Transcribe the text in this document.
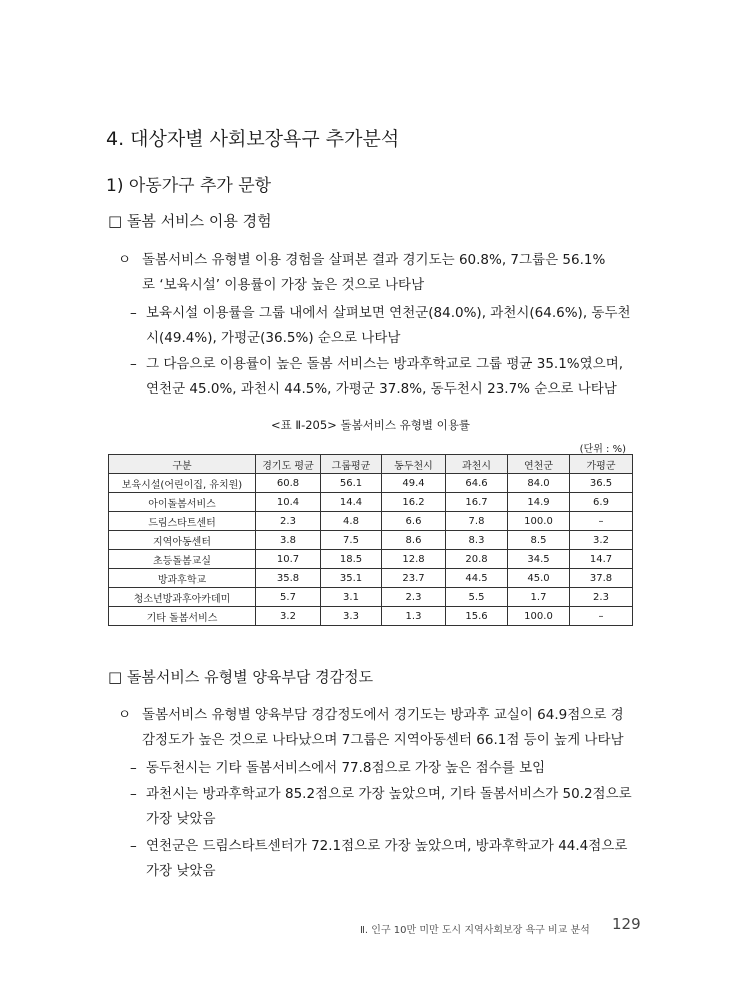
4. 대상자별 사회보장욕구 추가분석
1) 아동가구 추가 문항
□ 돌봄 서비스 이용 경험
ㅇ 돌봄서비스 유형별 이용 경험을 살펴본 결과 경기도는 60.8%, 7그룹은 56.1%
로 ‘보육시설’ 이용률이 가장 높은 것으로 나타남
– 보육시설 이용률을 그룹 내에서 살펴보면 연천군(84.0%), 과천시(64.6%), 동두천
시(49.4%), 가평군(36.5%) 순으로 나타남
– 그 다음으로 이용률이 높은 돌봄 서비스는 방과후학교로 그룹 평균 35.1%였으며,
연천군 45.0%, 과천시 44.5%, 가평군 37.8%, 동두천시 23.7% 순으로 나타남
<표 Ⅱ-205> 돌봄서비스 유형별 이용률
(단위 : %)
구분	경기도 평균	그룹평균	동두천시	과천시	연천군	가평군
보육시설(어린이집, 유치원)	60.8	56.1	49.4	64.6	84.0	36.5
아이돌봄서비스	10.4	14.4	16.2	16.7	14.9	6.9
드림스타트센터	2.3	4.8	6.6	7.8	100.0	–
지역아동센터	3.8	7.5	8.6	8.3	8.5	3.2
초등돌봄교실	10.7	18.5	12.8	20.8	34.5	14.7
방과후학교	35.8	35.1	23.7	44.5	45.0	37.8
청소년방과후아카데미	5.7	3.1	2.3	5.5	1.7	2.3
기타 돌봄서비스	3.2	3.3	1.3	15.6	100.0	–
□ 돌봄서비스 유형별 양육부담 경감정도
ㅇ 돌봄서비스 유형별 양육부담 경감정도에서 경기도는 방과후 교실이 64.9점으로 경
감정도가 높은 것으로 나타났으며 7그룹은 지역아동센터 66.1점 등이 높게 나타남
– 동두천시는 기타 돌봄서비스에서 77.8점으로 가장 높은 점수를 보임
– 과천시는 방과후학교가 85.2점으로 가장 높았으며, 기타 돌봄서비스가 50.2점으로
가장 낮았음
– 연천군은 드림스타트센터가 72.1점으로 가장 높았으며, 방과후학교가 44.4점으로
가장 낮았음
Ⅱ. 인구 10만 미만 도시 지역사회보장 욕구 비교 분석 129
